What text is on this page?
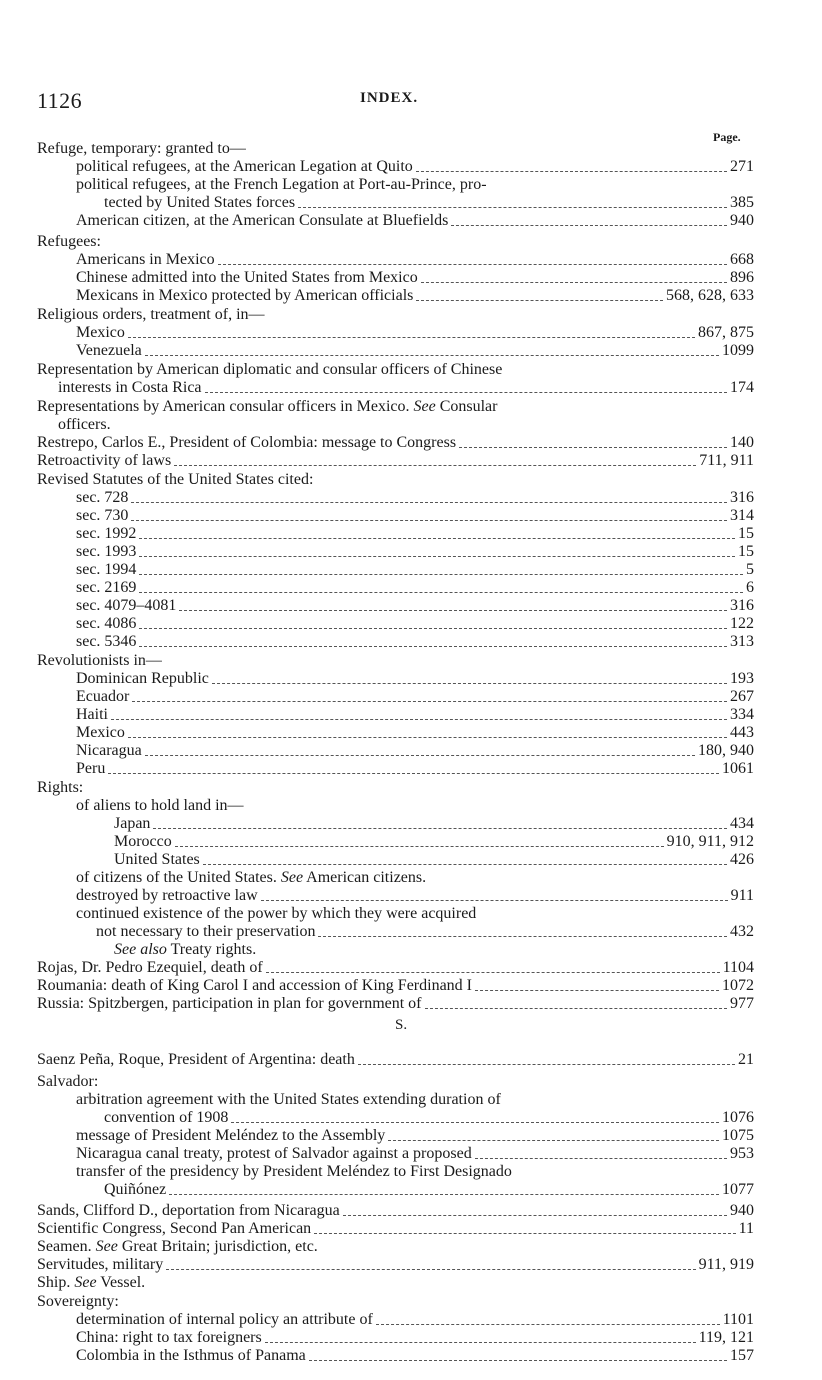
1126	INDEX.
Page.
Refuge, temporary: granted to—
political refugees, at the American Legation at Quito	271
political refugees, at the French Legation at Port-au-Prince, pro-
tected by United States forces	385
American citizen, at the American Consulate at Bluefields	940
Refugees:
Americans in Mexico	668
Chinese admitted into the United States from Mexico	896
Mexicans in Mexico protected by American officials	568, 628, 633
Religious orders, treatment of, in—
Mexico	867, 875
Venezuela	1099
Representation by American diplomatic and consular officers of Chinese
interests in Costa Rica	174
Representations by American consular officers in Mexico. See Consular
officers.
Restrepo, Carlos E., President of Colombia: message to Congress	140
Retroactivity of laws	711, 911
Revised Statutes of the United States cited:
sec. 728	316
sec. 730	314
sec. 1992	15
sec. 1993	15
sec. 1994	5
sec. 2169	6
sec. 4079–4081	316
sec. 4086	122
sec. 5346	313
Revolutionists in—
Dominican Republic	193
Ecuador	267
Haiti	334
Mexico	443
Nicaragua	180, 940
Peru	1061
Rights:
of aliens to hold land in—
Japan	434
Morocco	910, 911, 912
United States	426
of citizens of the United States. See American citizens.
destroyed by retroactive law	911
continued existence of the power by which they were acquired
not necessary to their preservation	432
See also Treaty rights.
Rojas, Dr. Pedro Ezequiel, death of	1104
Roumania: death of King Carol I and accession of King Ferdinand I	1072
Russia: Spitzbergen, participation in plan for government of	977
Saenz Peña, Roque, President of Argentina: death	21
Salvador:
arbitration agreement with the United States extending duration of
convention of 1908	1076
message of President Meléndez to the Assembly	1075
Nicaragua canal treaty, protest of Salvador against a proposed	953
transfer of the presidency by President Meléndez to First Designado
Quiñónez	1077
Sands, Clifford D., deportation from Nicaragua	940
Scientific Congress, Second Pan American	11
Seamen. See Great Britain; jurisdiction, etc.
Servitudes, military	911, 919
Ship. See Vessel.
Sovereignty:
determination of internal policy an attribute of	1101
China: right to tax foreigners	119, 121
Colombia in the Isthmus of Panama	157
S.
